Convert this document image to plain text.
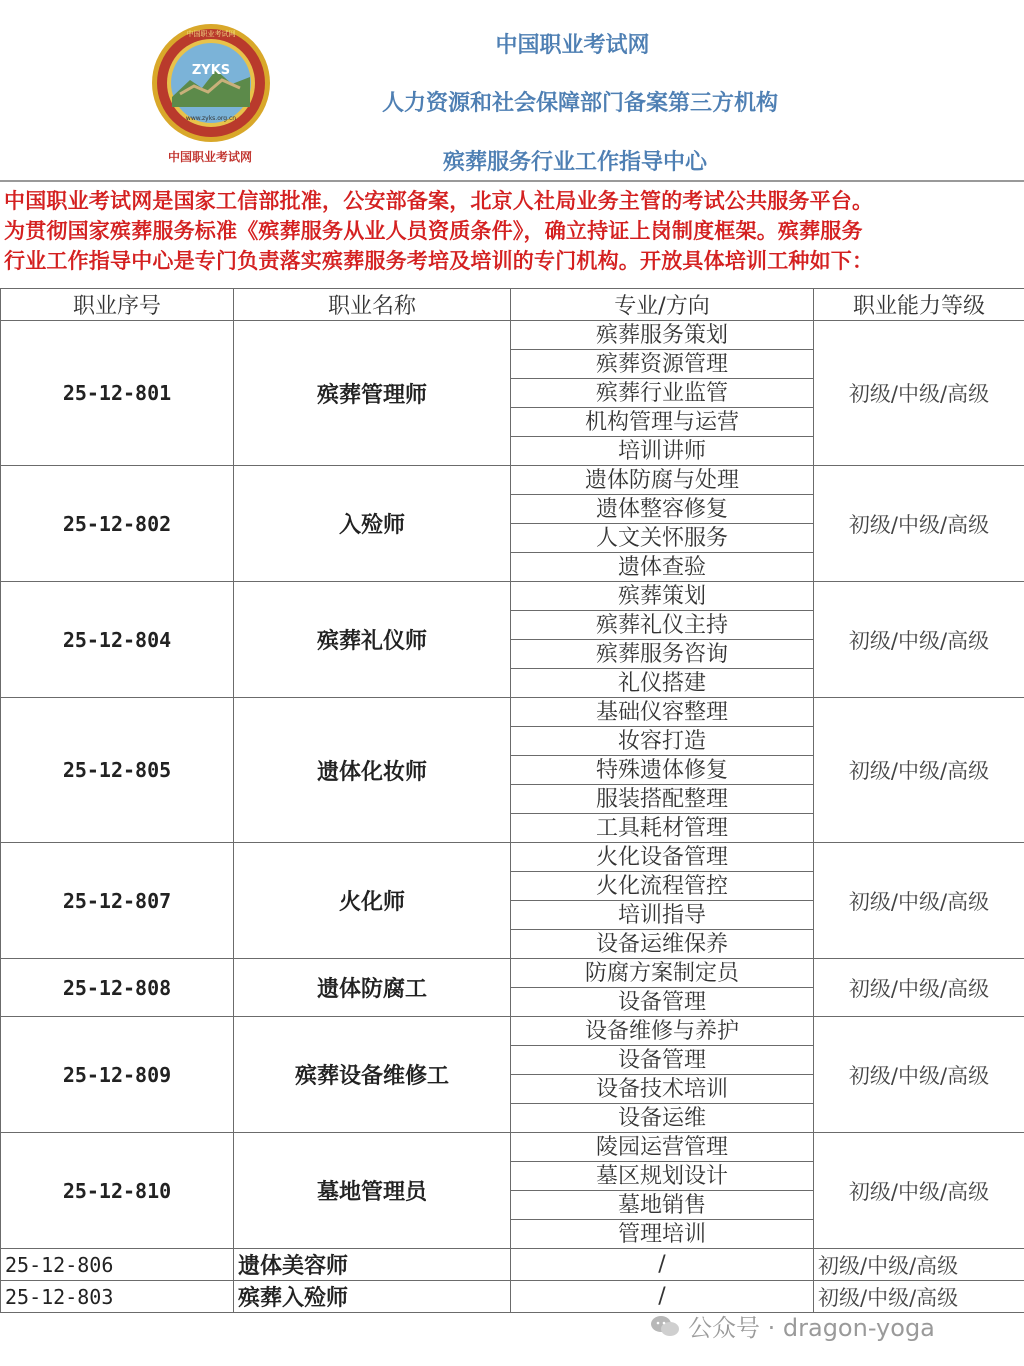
ZYKS
www.zyks.org.cn
中国职业考试网
中国职业考试网
中国职业考试网
人力资源和社会保障部门备案第三方机构
殡葬服务行业工作指导中心
中国职业考试网是国家工信部批准，公安部备案，北京人社局业务主管的考试公共服务平台。
为贯彻国家殡葬服务标准《殡葬服务从业人员资质条件》，确立持证上岗制度框架。殡葬服务
行业工作指导中心是专门负责落实殡葬服务考培及培训的专门机构。开放具体培训工种如下：
职业序号	职业名称	专业/方向	职业能力等级
25-12-801	殡葬管理师	殡葬服务策划	初级/中级/高级
		殡葬资源管理	
		殡葬行业监管	
		机构管理与运营	
		培训讲师	
25-12-802	入殓师	遗体防腐与处理	初级/中级/高级
		遗体整容修复	
		人文关怀服务	
		遗体查验	
25-12-804	殡葬礼仪师	殡葬策划	初级/中级/高级
		殡葬礼仪主持	
		殡葬服务咨询	
		礼仪搭建	
25-12-805	遗体化妆师	基础仪容整理	初级/中级/高级
		妆容打造	
		特殊遗体修复	
		服装搭配整理	
		工具耗材管理	
25-12-807	火化师	火化设备管理	初级/中级/高级
		火化流程管控	
		培训指导	
		设备运维保养	
25-12-808	遗体防腐工	防腐方案制定员	初级/中级/高级
		设备管理	
25-12-809	殡葬设备维修工	设备维修与养护	初级/中级/高级
		设备管理	
		设备技术培训	
		设备运维	
25-12-810	墓地管理员	陵园运营管理	初级/中级/高级
		墓区规划设计	
		墓地销售	
		管理培训	
25-12-806	遗体美容师	/	初级/中级/高级
25-12-803	殡葬入殓师	/	初级/中级/高级
公众号 · dragon-yoga
